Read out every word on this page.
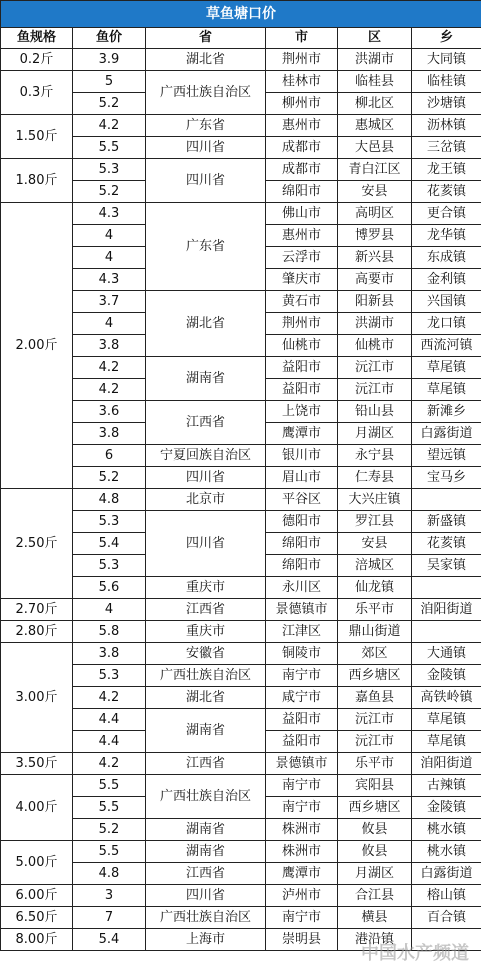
草鱼塘口价
鱼规格	鱼价	省	市	区	乡
0.2斤	3.9	湖北省	荆州市	洪湖市	大同镇
0.3斤	5	广西壮族自治区	桂林市	临桂县	临桂镇
	5.2		柳州市	柳北区	沙塘镇
1.50斤	4.2	广东省	惠州市	惠城区	沥林镇
	5.5	四川省	成都市	大邑县	三岔镇
1.80斤	5.3	四川省	成都市	青白江区	龙王镇
	5.2		绵阳市	安县	花荄镇
2.00斤	4.3	广东省	佛山市	高明区	更合镇
	4		惠州市	博罗县	龙华镇
	4		云浮市	新兴县	东成镇
	4.3		肇庆市	高要市	金利镇
	3.7	湖北省	黄石市	阳新县	兴国镇
	4		荆州市	洪湖市	龙口镇
	3.8		仙桃市	仙桃市	西流河镇
	4.2	湖南省	益阳市	沅江市	草尾镇
	4.2		益阳市	沅江市	草尾镇
	3.6	江西省	上饶市	铅山县	新滩乡
	3.8		鹰潭市	月湖区	白露街道
	6	宁夏回族自治区	银川市	永宁县	望远镇
	5.2	四川省	眉山市	仁寿县	宝马乡
2.50斤	4.8	北京市	平谷区	大兴庄镇	
	5.3	四川省	德阳市	罗江县	新盛镇
	5.4		绵阳市	安县	花荄镇
	5.3		绵阳市	涪城区	吴家镇
	5.6	重庆市	永川区	仙龙镇	
2.70斤	4	江西省	景德镇市	乐平市	洎阳街道
2.80斤	5.8	重庆市	江津区	鼎山街道	
3.00斤	3.8	安徽省	铜陵市	郊区	大通镇
	5.3	广西壮族自治区	南宁市	西乡塘区	金陵镇
	4.2	湖北省	咸宁市	嘉鱼县	高铁岭镇
	4.4	湖南省	益阳市	沅江市	草尾镇
	4.4		益阳市	沅江市	草尾镇
3.50斤	4.2	江西省	景德镇市	乐平市	洎阳街道
4.00斤	5.5	广西壮族自治区	南宁市	宾阳县	古辣镇
	5.5		南宁市	西乡塘区	金陵镇
	5.2	湖南省	株洲市	攸县	桃水镇
5.00斤	5.5	湖南省	株洲市	攸县	桃水镇
	4.8	江西省	鹰潭市	月湖区	白露街道
6.00斤	3	四川省	泸州市	合江县	榕山镇
6.50斤	7	广西壮族自治区	南宁市	横县	百合镇
8.00斤	5.4	上海市	崇明县	港沿镇	
中国水产频道
